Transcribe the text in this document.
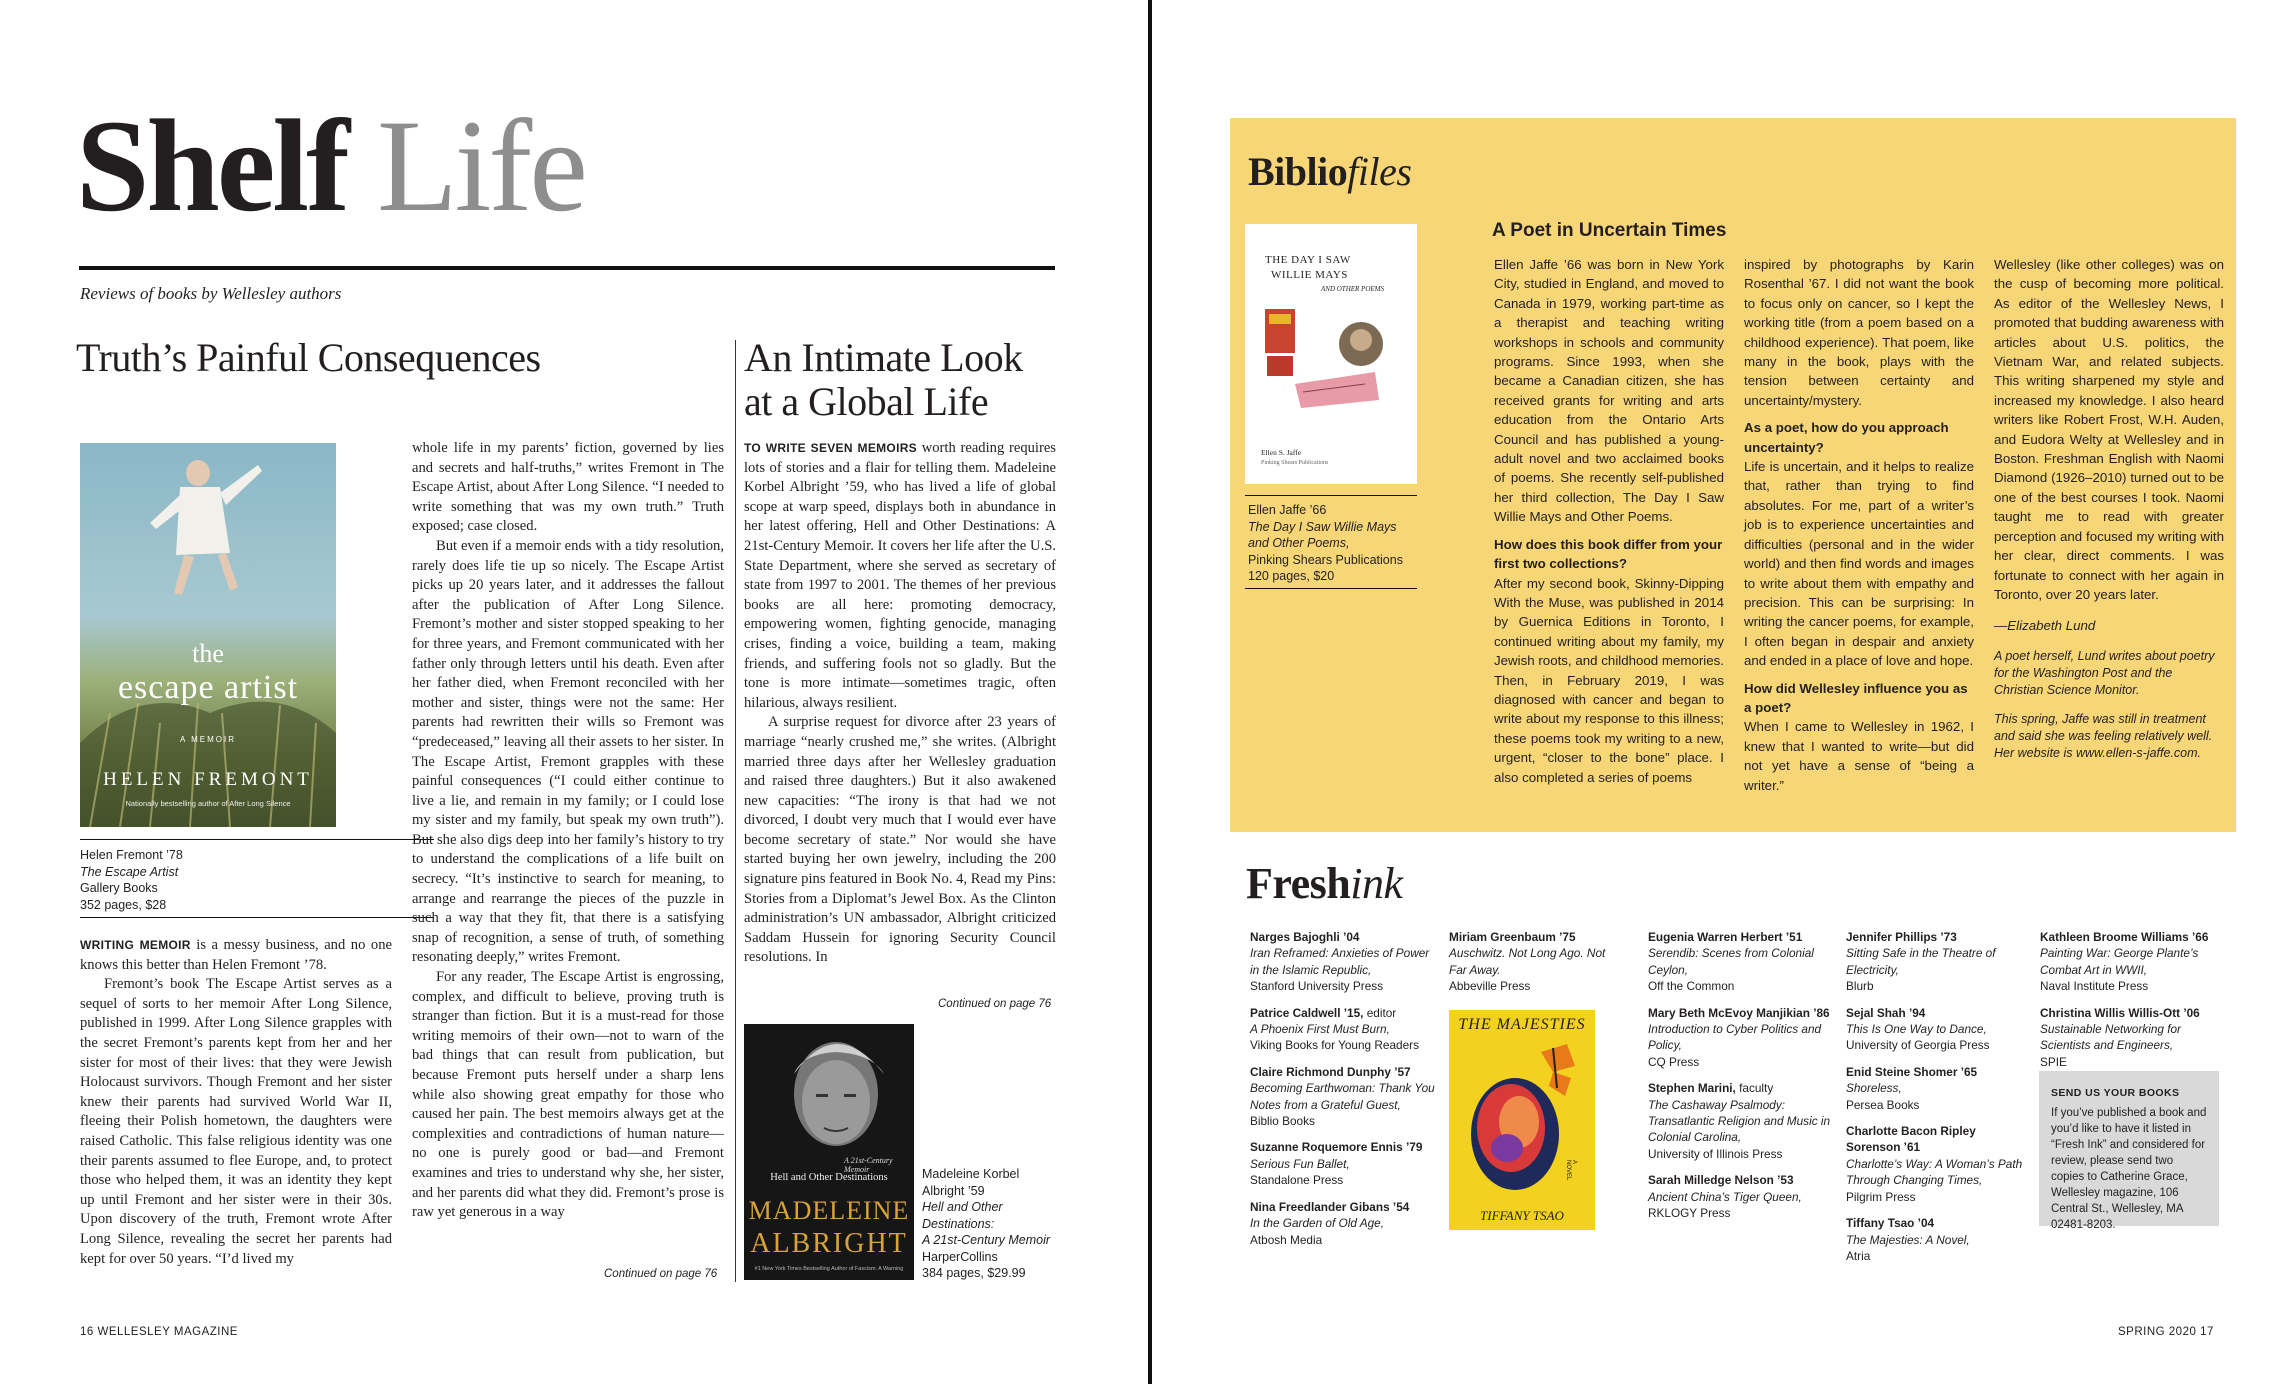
Shelf Life
Reviews of books by Wellesley authors
Truth’s Painful Consequences
the
escape artist
A MEMOIR
HELEN FREMONT
Nationally bestselling author of After Long Silence
Helen Fremont ’78
The Escape Artist
Gallery Books
352 pages, $28

WRITING MEMOIR is a messy business, and no one knows this better than Helen Fremont ’78.

Fremont’s book The Escape Artist serves as a sequel of sorts to her memoir After Long Silence, published in 1999. After Long Silence grapples with the secret Fremont’s parents kept from her and her sister for most of their lives: that they were Jewish Holocaust survivors. Though Fremont and her sister knew their parents had survived World War II, fleeing their Polish hometown, the daughters were raised Catholic. This false religious identity was one their parents assumed to flee Europe, and, to protect those who helped them, it was an identity they kept up until Fremont and her sister were in their 30s. Upon discovery of the truth, Fremont wrote After Long Silence, revealing the secret her parents had kept for over 50 years. “I’d lived my

whole life in my parents’ fiction, governed by lies and secrets and half-truths,” writes Fremont in The Escape Artist, about After Long Silence. “I needed to write something that was my own truth.” Truth exposed; case closed.

But even if a memoir ends with a tidy resolution, rarely does life tie up so nicely. The Escape Artist picks up 20 years later, and it addresses the fallout after the publication of After Long Silence. Fremont’s mother and sister stopped speaking to her for three years, and Fremont communicated with her father only through letters until his death. Even after her father died, when Fremont reconciled with her mother and sister, things were not the same: Her parents had rewritten their wills so Fremont was “predeceased,” leaving all their assets to her sister. In The Escape Artist, Fremont grapples with these painful consequences (“I could either continue to live a lie, and remain in my family; or I could lose my sister and my family, but speak my own truth”). But she also digs deep into her family’s history to try to understand the complications of a life built on secrecy. “It’s instinctive to search for meaning, to arrange and rearrange the pieces of the puzzle in such a way that they fit, that there is a satisfying snap of recognition, a sense of truth, of something resonating deeply,” writes Fremont.

For any reader, The Escape Artist is engrossing, complex, and difficult to believe, proving truth is stranger than fiction. But it is a must-read for those writing memoirs of their own—not to warn of the bad things that can result from publication, but because Fremont puts herself under a sharp lens while also showing great empathy for those who caused her pain. The best memoirs always get at the complexities and contradictions of human nature—no one is purely good or bad—and Fremont examines and tries to understand why she, her sister, and her parents did what they did. Fremont’s prose is raw yet generous in a way

Continued on page 76
An Intimate Look
at a Global Life

TO WRITE SEVEN MEMOIRS worth reading requires lots of stories and a flair for telling them. Madeleine Korbel Albright ’59, who has lived a life of global scope at warp speed, displays both in abundance in her latest offering, Hell and Other Destinations: A 21st-Century Memoir. It covers her life after the U.S. State Department, where she served as secretary of state from 1997 to 2001. The themes of her previous books are all here: promoting democracy, empowering women, fighting genocide, managing crises, finding a voice, building a team, making friends, and suffering fools not so gladly. But the tone is more intimate—sometimes tragic, often hilarious, always resilient.

A surprise request for divorce after 23 years of marriage “nearly crushed me,” she writes. (Albright married three days after her Wellesley graduation and raised three daughters.) But it also awakened new capacities: “The irony is that had we not divorced, I doubt very much that I would ever have become secretary of state.” Nor would she have started buying her own jewelry, including the 200 signature pins featured in Book No. 4, Read my Pins: Stories from a Diplomat’s Jewel Box. As the Clinton administration’s UN ambassador, Albright criticized Saddam Hussein for ignoring Security Council resolutions. In

Continued on page 76
A 21st-Century Memoir
Hell and Other Destinations
MADELEINE
ALBRIGHT
#1 New York Times Bestselling Author of Fascism: A Warning
Madeleine Korbel
Albright ’59
Hell and Other
Destinations:
A 21st-Century Memoir
HarperCollins
384 pages, $29.99
16 WELLESLEY MAGAZINE
Bibliofiles
THE DAY I SAW
WILLIE MAYS
AND OTHER POEMS
Ellen S. Jaffe
Pinking Shears Publications
Ellen Jaffe ’66
The Day I Saw Willie Mays
and Other Poems,
Pinking Shears Publications
120 pages, $20
A Poet in Uncertain Times

Ellen Jaffe ’66 was born in New York City, studied in England, and moved to Canada in 1979, working part-time as a therapist and teaching writing workshops in schools and community programs. Since 1993, when she became a Canadian citizen, she has received grants for writing and arts education from the Ontario Arts Council and has published a young-adult novel and two acclaimed books of poems. She recently self-published her third collection, The Day I Saw Willie Mays and Other Poems.

How does this book differ from your first two collections?

After my second book, Skinny-Dipping With the Muse, was published in 2014 by Guernica Editions in Toronto, I continued writing about my family, my Jewish roots, and childhood memories. Then, in February 2019, I was diagnosed with cancer and began to write about my response to this illness; these poems took my writing to a new, urgent, “closer to the bone” place. I also completed a series of poems

inspired by photographs by Karin Rosenthal ’67. I did not want the book to focus only on cancer, so I kept the working title (from a poem based on a childhood experience). That poem, like many in the book, plays with the tension between certainty and uncertainty/mystery.

As a poet, how do you approach uncertainty?

Life is uncertain, and it helps to realize that, rather than trying to find absolutes. For me, part of a writer’s job is to experience uncertainties and difficulties (personal and in the wider world) and then find words and images to write about them with empathy and precision. This can be surprising: In writing the cancer poems, for example, I often began in despair and anxiety and ended in a place of love and hope.

How did Wellesley influence you as a poet?

When I came to Wellesley in 1962, I knew that I wanted to write—but did not yet have a sense of “being a writer.”

Wellesley (like other colleges) was on the cusp of becoming more political. As editor of the Wellesley News, I promoted that budding awareness with articles about U.S. politics, the Vietnam War, and related subjects. This writing sharpened my style and increased my knowledge. I also heard writers like Robert Frost, W.H. Auden, and Eudora Welty at Wellesley and in Boston. Freshman English with Naomi Diamond (1926–2010) turned out to be one of the best courses I took. Naomi taught me to read with greater perception and focused my writing with her clear, direct comments. I was fortunate to connect with her again in Toronto, over 20 years later.

—Elizabeth Lund

A poet herself, Lund writes about poetry for the Washington Post and the Christian Science Monitor.

This spring, Jaffe was still in treatment and said she was feeling relatively well. Her website is www.ellen-s-jaffe.com.

Freshink
Narges Bajoghli ’04
Iran Reframed: Anxieties of Power in the Islamic Republic,
Stanford University Press
Patrice Caldwell ’15, editor
A Phoenix First Must Burn,
Viking Books for Young Readers
Claire Richmond Dunphy ’57
Becoming Earthwoman: Thank You Notes from a Grateful Guest,
Biblio Books
Suzanne Roquemore Ennis ’79
Serious Fun Ballet,
Standalone Press
Nina Freedlander Gibans ’54
In the Garden of Old Age,
Atbosh Media
Miriam Greenbaum ’75
Auschwitz. Not Long Ago. Not Far Away.
Abbeville Press
THE MAJESTIES
A NOVEL
TIFFANY TSAO
Eugenia Warren Herbert ’51
Serendib: Scenes from Colonial Ceylon,
Off the Common
Mary Beth McEvoy Manjikian ’86
Introduction to Cyber Politics and Policy,
CQ Press
Stephen Marini, faculty
The Cashaway Psalmody: Transatlantic Religion and Music in Colonial Carolina,
University of Illinois Press
Sarah Milledge Nelson ’53
Ancient China’s Tiger Queen,
RKLOGY Press
Jennifer Phillips ’73
Sitting Safe in the Theatre of Electricity,
Blurb
Sejal Shah ’94
This Is One Way to Dance,
University of Georgia Press
Enid Steine Shomer ’65
Shoreless,
Persea Books
Charlotte Bacon Ripley Sorenson ’61
Charlotte’s Way: A Woman’s Path Through Changing Times,
Pilgrim Press
Tiffany Tsao ’04
The Majesties: A Novel,
Atria
Kathleen Broome Williams ’66
Painting War: George Plante’s Combat Art in WWII,
Naval Institute Press
Christina Willis Willis-Ott ’06
Sustainable Networking for Scientists and Engineers,
SPIE
SEND US YOUR BOOKS
If you’ve published a book and you’d like to have it listed in “Fresh Ink” and considered for review, please send two copies to Catherine Grace, Wellesley magazine, 106 Central St., Wellesley, MA 02481-8203.
SPRING 2020 17
